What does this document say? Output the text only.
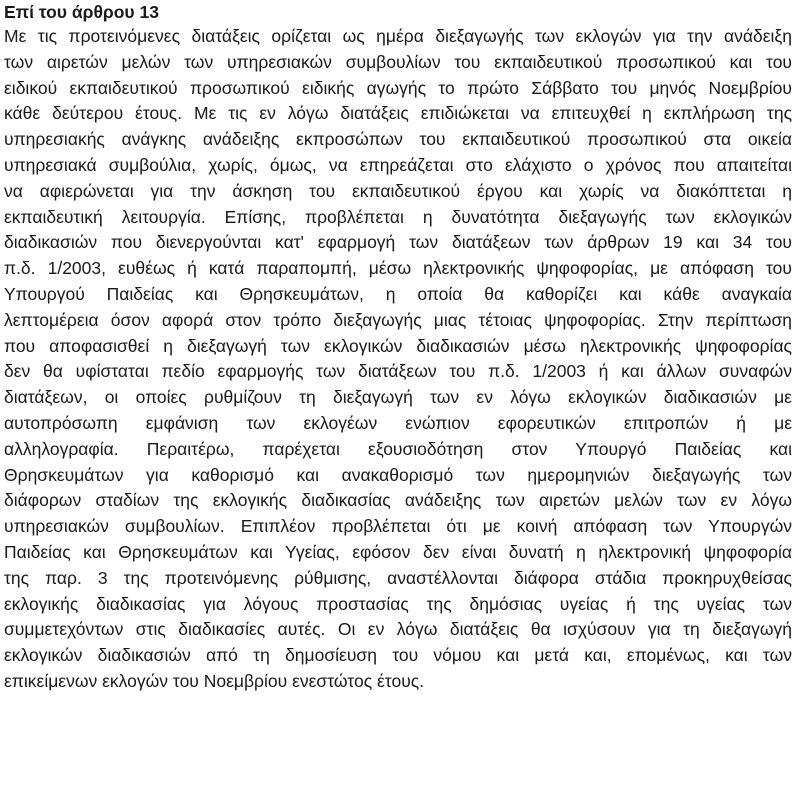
Επί του άρθρου 13
Με τις προτεινόμενες διατάξεις ορίζεται ως ημέρα διεξαγωγής των εκλογών για την ανάδειξη
των αιρετών μελών των υπηρεσιακών συμβουλίων του εκπαιδευτικού προσωπικού και του
ειδικού εκπαιδευτικού προσωπικού ειδικής αγωγής το πρώτο Σάββατο του μηνός Νοεμβρίου
κάθε δεύτερου έτους. Με τις εν λόγω διατάξεις επιδιώκεται να επιτευχθεί η εκπλήρωση της
υπηρεσιακής ανάγκης ανάδειξης εκπροσώπων του εκπαιδευτικού προσωπικού στα οικεία
υπηρεσιακά συμβούλια, χωρίς, όμως, να επηρεάζεται στο ελάχιστο ο χρόνος που απαιτείται
να αφιερώνεται για την άσκηση του εκπαιδευτικού έργου και χωρίς να διακόπτεται η
εκπαιδευτική λειτουργία. Επίσης, προβλέπεται η δυνατότητα διεξαγωγής των εκλογικών
διαδικασιών που διενεργούνται κατ' εφαρμογή των διατάξεων των άρθρων 19 και 34 του
π.δ. 1/2003, ευθέως ή κατά παραπομπή, μέσω ηλεκτρονικής ψηφοφορίας, με απόφαση του
Υπουργού Παιδείας και Θρησκευμάτων, η οποία θα καθορίζει και κάθε αναγκαία
λεπτομέρεια όσον αφορά στον τρόπο διεξαγωγής μιας τέτοιας ψηφοφορίας. Στην περίπτωση
που αποφασισθεί η διεξαγωγή των εκλογικών διαδικασιών μέσω ηλεκτρονικής ψηφοφορίας
δεν θα υφίσταται πεδίο εφαρμογής των διατάξεων του π.δ. 1/2003 ή και άλλων συναφών
διατάξεων, οι οποίες ρυθμίζουν τη διεξαγωγή των εν λόγω εκλογικών διαδικασιών με
αυτοπρόσωπη εμφάνιση των εκλογέων ενώπιον εφορευτικών επιτροπών ή με
αλληλογραφία. Περαιτέρω, παρέχεται εξουσιοδότηση στον Υπουργό Παιδείας και
Θρησκευμάτων για καθορισμό και ανακαθορισμό των ημερομηνιών διεξαγωγής των
διάφορων σταδίων της εκλογικής διαδικασίας ανάδειξης των αιρετών μελών των εν λόγω
υπηρεσιακών συμβουλίων. Επιπλέον προβλέπεται ότι με κοινή απόφαση των Υπουργών
Παιδείας και Θρησκευμάτων και Υγείας, εφόσον δεν είναι δυνατή η ηλεκτρονική ψηφοφορία
της παρ. 3 της προτεινόμενης ρύθμισης, αναστέλλονται διάφορα στάδια προκηρυχθείσας
εκλογικής διαδικασίας για λόγους προστασίας της δημόσιας υγείας ή της υγείας των
συμμετεχόντων στις διαδικασίες αυτές. Οι εν λόγω διατάξεις θα ισχύσουν για τη διεξαγωγή
εκλογικών διαδικασιών από τη δημοσίευση του νόμου και μετά και, επομένως, και των
επικείμενων εκλογών του Νοεμβρίου ενεστώτος έτους.
